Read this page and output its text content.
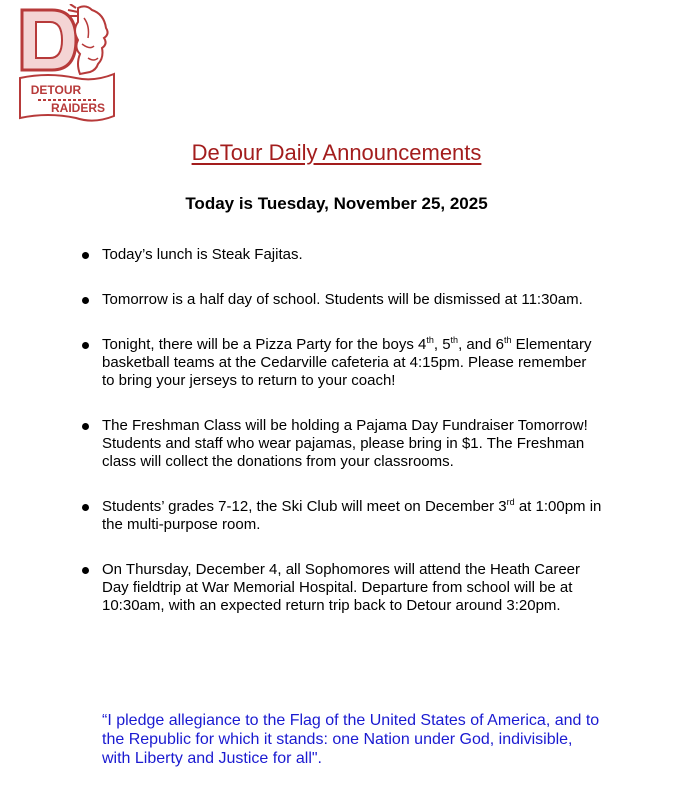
DETOUR
RAIDERS
DeTour Daily Announcements
Today is Tuesday, November 25, 2025
Today’s lunch is Steak Fajitas.
Tomorrow is a half day of school. Students will be dismissed at 11:30am.
Tonight, there will be a Pizza Party for the boys 4th, 5th, and 6th Elementary basketball teams at the Cedarville cafeteria at 4:15pm. Please remember to bring your jerseys to return to your coach!
The Freshman Class will be holding a Pajama Day Fundraiser Tomorrow! Students and staff who wear pajamas, please bring in $1. The Freshman class will collect the donations from your classrooms.
Students’ grades 7-12, the Ski Club will meet on December 3rd at 1:00pm in the multi-purpose room.
On Thursday, December 4, all Sophomores will attend the Heath Career Day fieldtrip at War Memorial Hospital. Departure from school will be at 10:30am, with an expected return trip back to Detour around 3:20pm.
“I pledge allegiance to the Flag of the United States of America, and to the Republic for which it stands: one Nation under God, indivisible, with Liberty and Justice for all".
